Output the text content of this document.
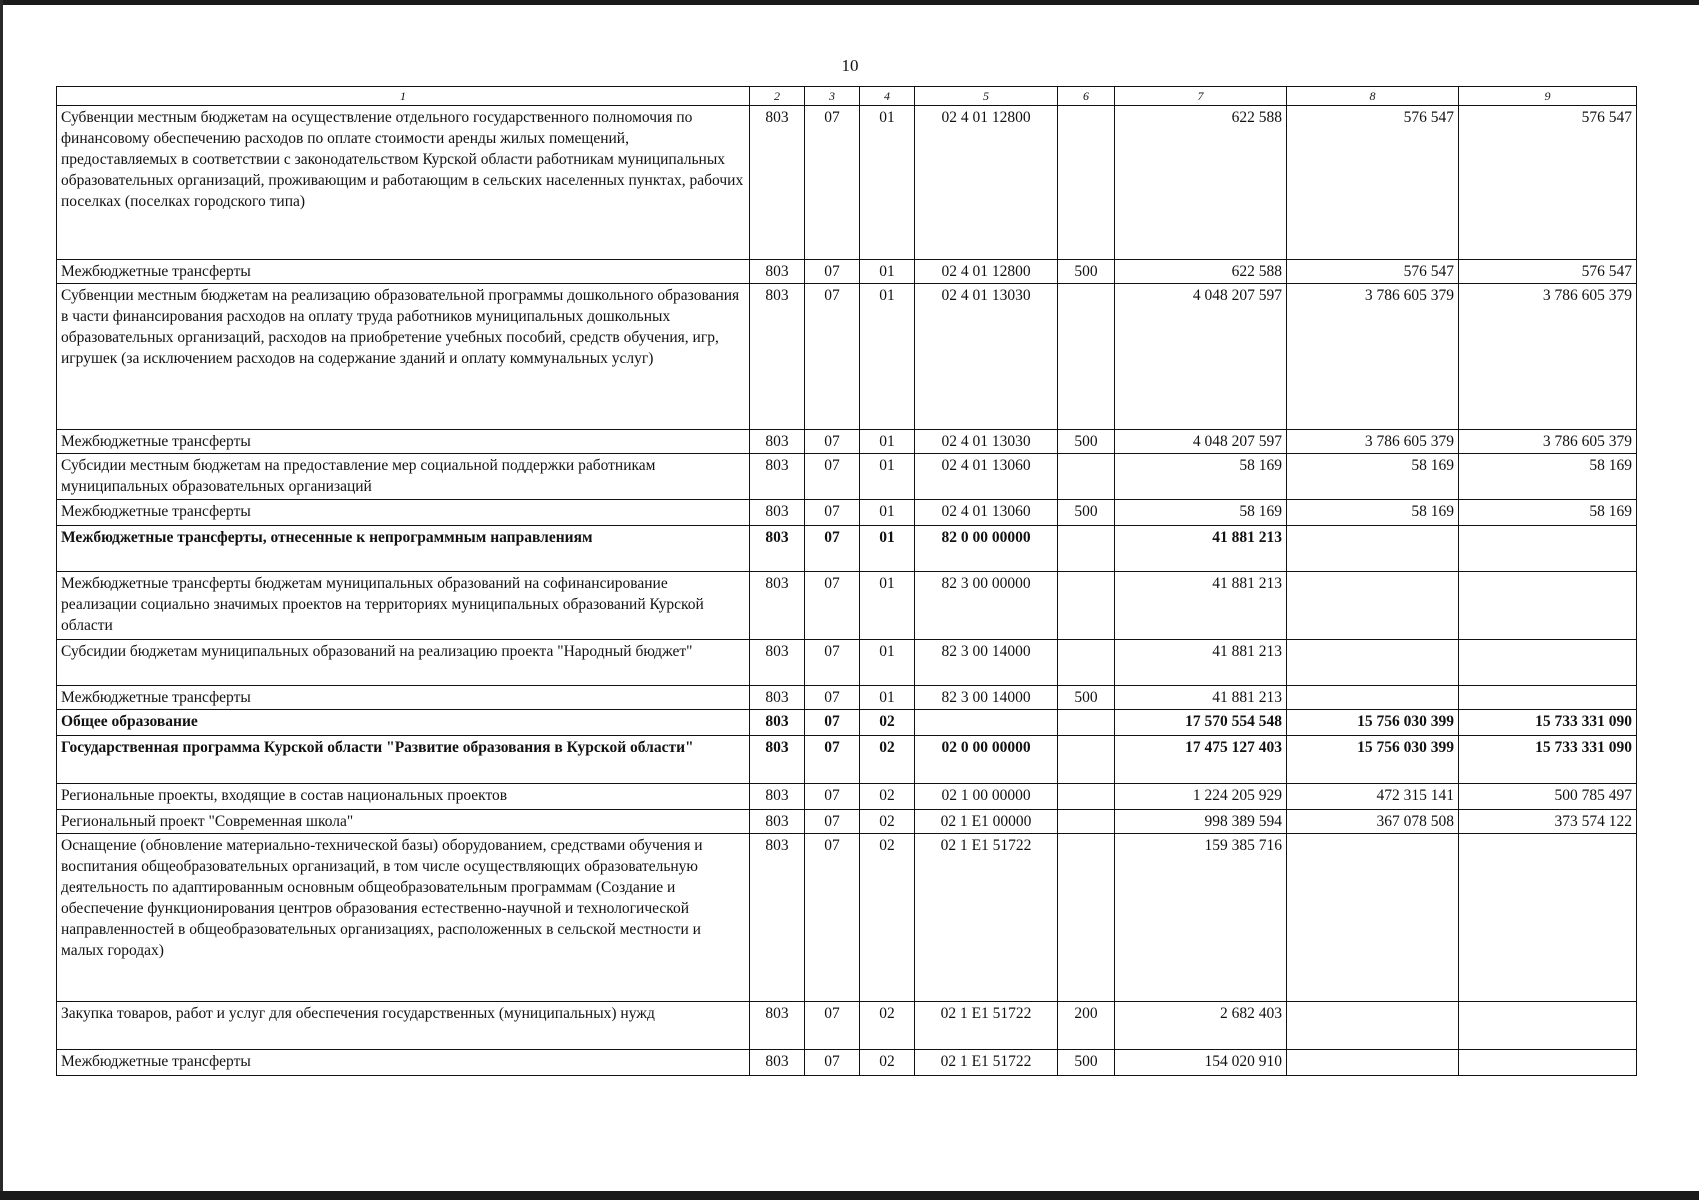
10
1	2	3	4	5	6	7	8	9
Субвенции местным бюджетам на осуществление отдельного государственного полномочия по финансовому обеспечению расходов по оплате стоимости аренды жилых помещений, предоставляемых в соответствии с законодательством Курской области работникам муниципальных образовательных организаций, проживающим и работающим в сельских населенных пунктах, рабочих поселках (поселках городского типа)	803	07	01	02 4 01 12800		622 588	576 547	576 547
Межбюджетные трансферты	803	07	01	02 4 01 12800	500	622 588	576 547	576 547
Субвенции местным бюджетам на реализацию образовательной программы дошкольного образования в части финансирования расходов на оплату труда работников муниципальных дошкольных образовательных организаций, расходов на приобретение учебных пособий, средств обучения, игр, игрушек (за исключением расходов на содержание зданий и оплату коммунальных услуг)	803	07	01	02 4 01 13030		4 048 207 597	3 786 605 379	3 786 605 379
Межбюджетные трансферты	803	07	01	02 4 01 13030	500	4 048 207 597	3 786 605 379	3 786 605 379
Субсидии местным бюджетам на предоставление мер социальной поддержки работникам муниципальных образовательных организаций	803	07	01	02 4 01 13060		58 169	58 169	58 169
Межбюджетные трансферты	803	07	01	02 4 01 13060	500	58 169	58 169	58 169
Межбюджетные трансферты, отнесенные к непрограммным направлениям	803	07	01	82 0 00 00000		41 881 213		
Межбюджетные трансферты бюджетам муниципальных образований на софинансирование реализации социально значимых проектов на территориях муниципальных образований Курской области	803	07	01	82 3 00 00000		41 881 213		
Субсидии бюджетам муниципальных образований на реализацию проекта "Народный бюджет"	803	07	01	82 3 00 14000		41 881 213		
Межбюджетные трансферты	803	07	01	82 3 00 14000	500	41 881 213		
Общее образование	803	07	02			17 570 554 548	15 756 030 399	15 733 331 090
Государственная программа Курской области "Развитие образования в Курской области"	803	07	02	02 0 00 00000		17 475 127 403	15 756 030 399	15 733 331 090
Региональные проекты, входящие в состав национальных проектов	803	07	02	02 1 00 00000		1 224 205 929	472 315 141	500 785 497
Региональный проект "Современная школа"	803	07	02	02 1 E1 00000		998 389 594	367 078 508	373 574 122
Оснащение (обновление материально-технической базы) оборудованием, средствами обучения и воспитания общеобразовательных организаций, в том числе осуществляющих образовательную деятельность по адаптированным основным общеобразовательным программам (Создание и обеспечение функционирования центров образования естественно-научной и технологической направленностей в общеобразовательных организациях, расположенных в сельской местности и малых городах)	803	07	02	02 1 E1 51722		159 385 716		
Закупка товаров, работ и услуг для обеспечения государственных (муниципальных) нужд	803	07	02	02 1 E1 51722	200	2 682 403		
Межбюджетные трансферты	803	07	02	02 1 E1 51722	500	154 020 910		
